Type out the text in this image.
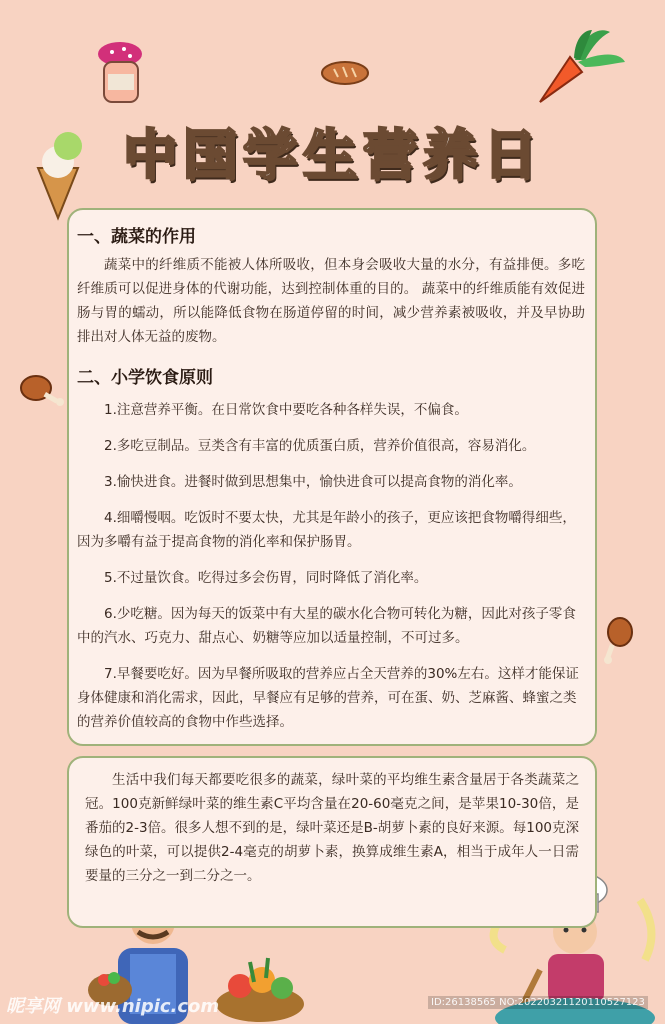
中国学生营养日
一、蔬菜的作用

蔬菜中的纤维质不能被人体所吸收，但本身会吸收大量的水分，有益排便。多吃纤维质可以促进身体的代谢功能，达到控制体重的目的。 蔬菜中的纤维质能有效促进肠与胃的蠕动，所以能降低食物在肠道停留的时间，减少营养素被吸收，并及早协助排出对人体无益的废物。

二、小学饮食原则

1.注意营养平衡。在日常饮食中要吃各种各样失误，不偏食。

2.多吃豆制品。豆类含有丰富的优质蛋白质，营养价值很高，容易消化。

3.愉快进食。进餐时做到思想集中，愉快进食可以提高食物的消化率。

4.细嚼慢咽。吃饭时不要太快，尤其是年龄小的孩子，更应该把食物嚼得细些，因为多嚼有益于提高食物的消化率和保护肠胃。

5.不过量饮食。吃得过多会伤胃，同时降低了消化率。

6.少吃糖。因为每天的饭菜中有大星的碳水化合物可转化为糖，因此对孩子零食中的汽水、巧克力、甜点心、奶糖等应加以适量控制，不可过多。

7.早餐要吃好。因为早餐所吸取的营养应占全天营养的30%左右。这样才能保证身体健康和消化需求，因此，早餐应有足够的营养，可在蛋、奶、芝麻酱、蜂蜜之类的营养价值较高的食物中作些选择。

生活中我们每天都要吃很多的蔬菜，绿叶菜的平均维生素含量居于各类蔬菜之冠。100克新鲜绿叶菜的维生素C平均含量在20-60毫克之间，是苹果10-30倍，是番茄的2-3倍。很多人想不到的是，绿叶菜还是Β-胡萝卜素的良好来源。每100克深绿色的叶菜，可以提供2-4毫克的胡萝卜素，换算成维生素A，相当于成年人一日需要量的三分之一到二分之一。

昵享网 www.nipic.com	ID:26138565 NO:20220321120110527123
